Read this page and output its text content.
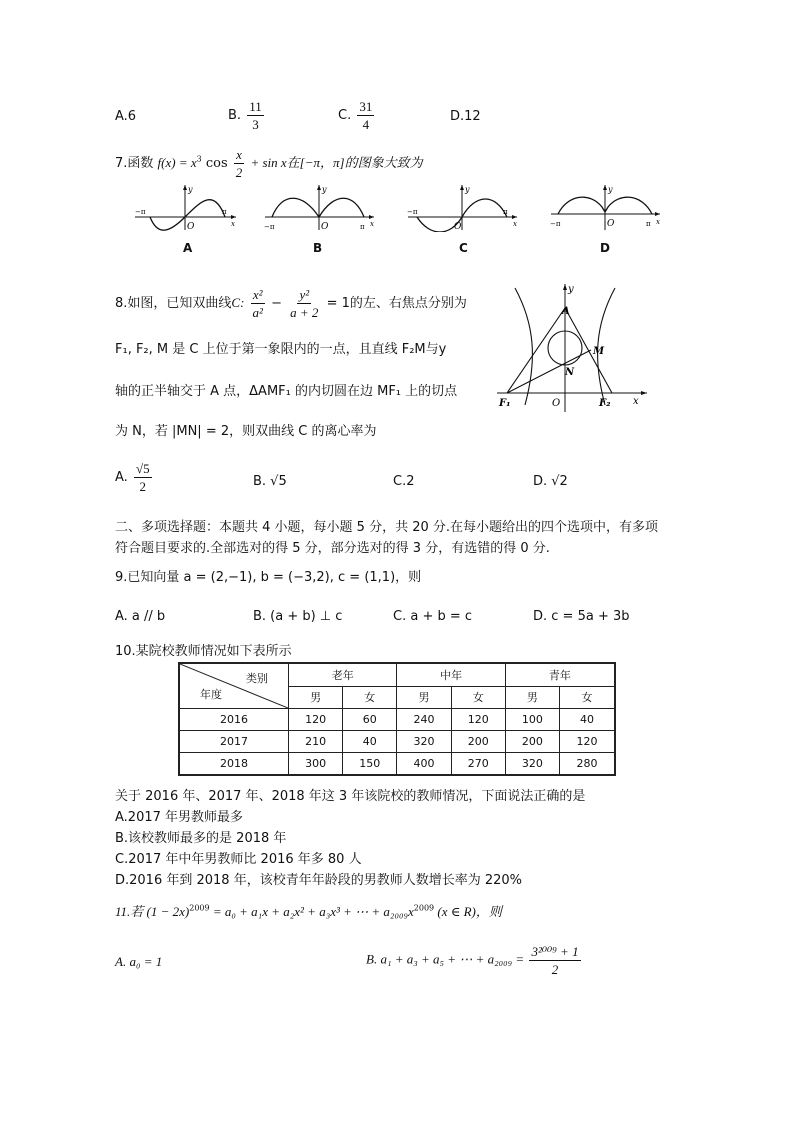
A.6	B. $\frac{11}{3}$	C. $\frac{31}{4}$	D.12
7.函数 $f(x) = x^3$ $\cos \frac{x}{2} + \sin x$在[−π，π]的图象大致为
y
O
−π	π
x
A
y
O
−π	π x
B
y
O
−π	π
x
C
y
O
−π	π x
D
8.如图，已知双曲线C: $\frac{\text{x²}}{\text{a²}} - \frac{\text{y²}}{a + 2} = 1$的左、右焦点分别为
F₁, F₂, M 是 C 上位于第一象限内的一点，且直线 F₂M与y
轴的正半轴交于 A 点，ΔAMF₁ 的内切圆在边 MF₁ 上的切点
为 N，若 |MN| = 2，则双曲线 C 的离心率为
y
A
M
N
F₁	O	F₂ x
A. $\frac{√5}{2}$	B. √5	C.2	D. √2
二、多项选择题：本题共 4 小题，每小题 5 分，共 20 分.在每小题给出的四个选项中，有多项
符合题目要求的.全部选对的得 5 分，部分选对的得 3 分，有选错的得 0 分.
9.已知向量 a = (2,−1), b = (−3,2), c = (1,1)，则
A. a // b	B. (a + b) ⊥ c	C. a + b = c	D. c = 5a + 3b
10.某院校教师情况如下表所示
类别
年度	老年		中年		青年	
	男	女	男	女	男	女
2016	120	60	240	120	100	40
2017	210	40	320	200	200	120
2018	300	150	400	270	320	280
关于 2016 年、2017 年、2018 年这 3 年该院校的教师情况，下面说法正确的是
A.2017 年男教师最多
B.该校教师最多的是 2018 年
C.2017 年中年男教师比 2016 年多 80 人
D.2016 年到 2018 年，该校青年年龄段的男教师人数增长率为 220%
11.若 $(1 - 2x)^{2009} = a_0 + a_1x + a_2x^2 + a_3x^3$ + ⋯ + $a_{2009}x^{2009}$ (x ∈ R)，则
A. a₀ = 1	B. a₁ + a₃ + a₅ + ⋯ + $a_{2009} = \frac{\text{3²⁰⁰⁹ + 1}}{2}$
